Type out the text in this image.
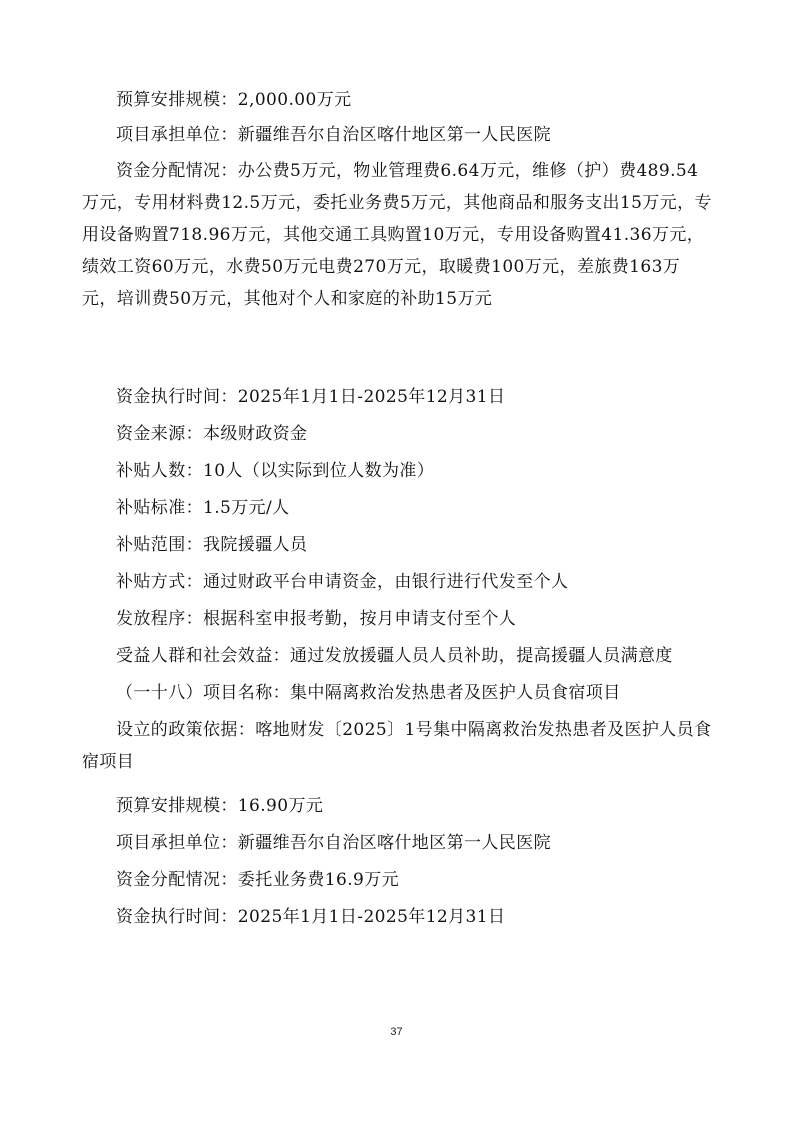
预算安排规模：2,000.00万元

项目承担单位：新疆维吾尔自治区喀什地区第一人民医院

资金分配情况：办公费5万元，物业管理费6.64万元，维修（护）费489.54万元，专用材料费12.5万元，委托业务费5万元，其他商品和服务支出15万元，专用设备购置718.96万元，其他交通工具购置10万元，专用设备购置41.36万元，绩效工资60万元，水费50万元电费270万元，取暖费100万元，差旅费163万元，培训费50万元，其他对个人和家庭的补助15万元

资金执行时间：2025年1月1日-2025年12月31日

资金来源：本级财政资金

补贴人数：10人（以实际到位人数为准）

补贴标准：1.5万元/人

补贴范围：我院援疆人员

补贴方式：通过财政平台申请资金，由银行进行代发至个人

发放程序：根据科室申报考勤，按月申请支付至个人

受益人群和社会效益：通过发放援疆人员人员补助，提高援疆人员满意度

（一十八）项目名称：集中隔离救治发热患者及医护人员食宿项目

设立的政策依据：喀地财发〔2025〕1号集中隔离救治发热患者及医护人员食宿项目

预算安排规模：16.90万元

项目承担单位：新疆维吾尔自治区喀什地区第一人民医院

资金分配情况：委托业务费16.9万元

资金执行时间：2025年1月1日-2025年12月31日

37
